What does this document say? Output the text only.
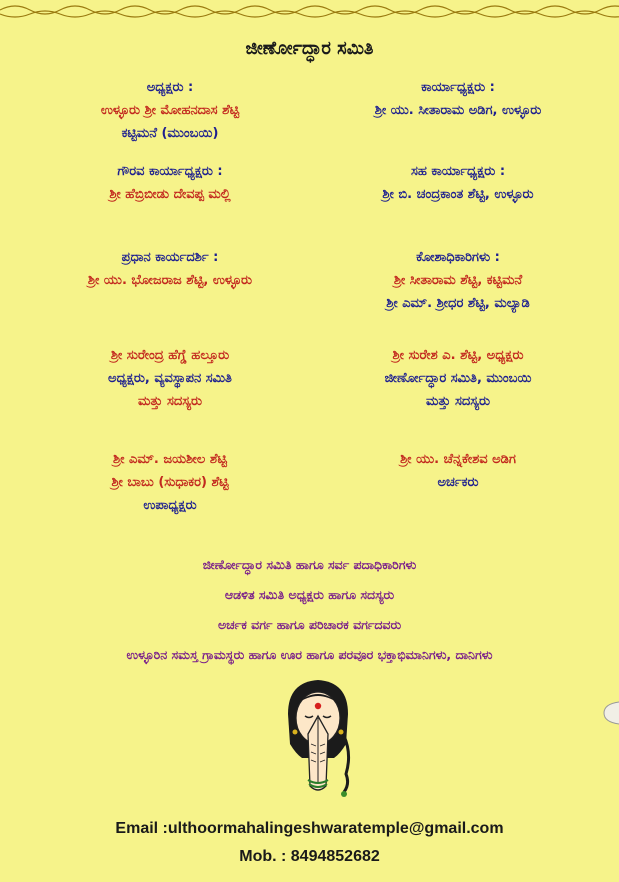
ಜೀರ್ಣೋದ್ಧಾರ ಸಮಿತಿ
ಅಧ್ಯಕ್ಷರು :
ಉಳ್ಳೂರು ಶ್ರೀ ಮೋಹನದಾಸ ಶೆಟ್ಟಿ
ಕಟ್ಟಿಮನೆ (ಮುಂಬಯಿ)
ಗೌರವ ಕಾರ್ಯಾಧ್ಯಕ್ಷರು :
ಶ್ರೀ ಹೆಬ್ರಿಬೀಡು ದೇವಪ್ಪ ಮಲ್ಲಿ
ಪ್ರಧಾನ ಕಾರ್ಯದರ್ಶಿ :
ಶ್ರೀ ಯು. ಭೋಜರಾಜ ಶೆಟ್ಟಿ, ಉಳ್ಳೂರು
ಶ್ರೀ ಸುರೇಂದ್ರ ಹೆಗ್ಡೆ ಹಲ್ತೂರು
ಅಧ್ಯಕ್ಷರು, ವ್ಯವಸ್ಥಾಪನ ಸಮಿತಿ
ಮತ್ತು ಸದಸ್ಯರು
ಶ್ರೀ ಎಮ್. ಜಯಶೀಲ ಶೆಟ್ಟಿ
ಶ್ರೀ ಬಾಬು (ಸುಧಾಕರ) ಶೆಟ್ಟಿ
ಉಪಾಧ್ಯಕ್ಷರು
ಕಾರ್ಯಾಧ್ಯಕ್ಷರು :
ಶ್ರೀ ಯು. ಸೀತಾರಾಮ ಅಡಿಗ, ಉಳ್ಳೂರು
ಸಹ ಕಾರ್ಯಾಧ್ಯಕ್ಷರು :
ಶ್ರೀ ಬಿ. ಚಂದ್ರಕಾಂತ ಶೆಟ್ಟಿ, ಉಳ್ಳೂರು
ಕೋಶಾಧಿಕಾರಿಗಳು :
ಶ್ರೀ ಸೀತಾರಾಮ ಶೆಟ್ಟಿ, ಕಟ್ಟಿಮನೆ
ಶ್ರೀ ಎಮ್. ಶ್ರೀಧರ ಶೆಟ್ಟಿ, ಮಲ್ಯಾಡಿ
ಶ್ರೀ ಸುರೇಶ ಎ. ಶೆಟ್ಟಿ, ಅಧ್ಯಕ್ಷರು
ಜೀರ್ಣೋದ್ಧಾರ ಸಮಿತಿ, ಮುಂಬಯಿ
ಮತ್ತು ಸದಸ್ಯರು
ಶ್ರೀ ಯು. ಚೆನ್ನಕೇಶವ ಅಡಿಗ
ಅರ್ಚಕರು
ಜೀರ್ಣೋದ್ಧಾರ ಸಮಿತಿ ಹಾಗೂ ಸರ್ವ ಪದಾಧಿಕಾರಿಗಳು
ಆಡಳಿತ ಸಮಿತಿ ಅಧ್ಯಕ್ಷರು ಹಾಗೂ ಸದಸ್ಯರು
ಅರ್ಚಕ ವರ್ಗ ಹಾಗೂ ಪರಿಚಾರಕ ವರ್ಗದವರು
ಉಳ್ಳೂರಿನ ಸಮಸ್ತ ಗ್ರಾಮಸ್ಥರು ಹಾಗೂ ಊರ ಹಾಗೂ ಪರವೂರ ಭಕ್ತಾಭಿಮಾನಿಗಳು, ದಾನಿಗಳು
Email :ulthoormahalingeshwaratemple@gmail.com
Mob. : 8494852682
